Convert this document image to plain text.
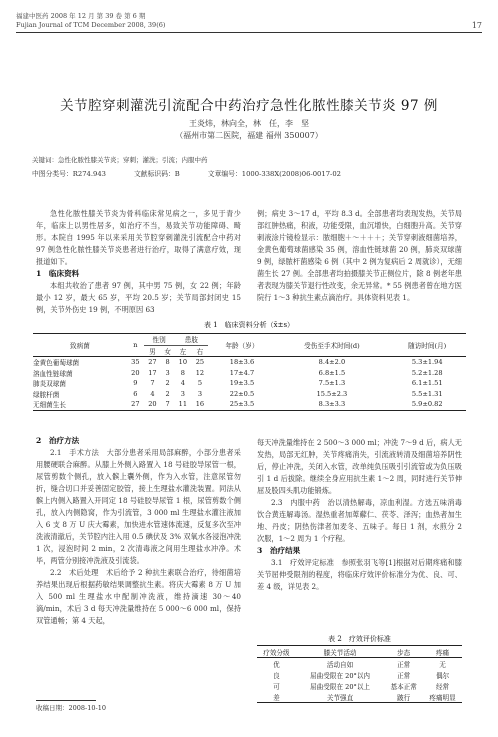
福建中医药 2008 年 12 月 第 39 卷 第 6 期
Fujian Journal of TCM December 2008, 39(6)	17
关节腔穿刺灌洗引流配合中药治疗急性化脓性膝关节炎 97 例
王炎炜，林向全，林　任，李　坚
（福州市第二医院，福建 福州 350007）
关键词：急性化脓性膝关节炎；穿刺；灌洗；引流；内服中药
中图分类号：R274.943	文献标识码：B	文章编号：1000-338X(2008)06-0017-02

急性化脓性膝关节炎为骨科临床常见病之一，多见于青少年，临床上以男性居多，如治疗不当，易致关节功能障碍、畸形。本院自 1995 年以来采用关节腔穿刺灌洗引流配合中药对 97 例急性化脓性膝关节炎患者进行治疗，取得了满意疗效，现报道如下。

1　临床资料

本组共收治了患者 97 例，其中男 75 例，女 22 例；年龄最小 12 岁，最大 65 岁，平均 20.5 岁；关节局部封闭史 15 例，关节外伤史 19 例，不明原因 63

例；病史 3～17 d，平均 8.3 d。全部患者均表现发热，关节局部红肿热痛，积液，功能受限，血沉增快，白细胞升高。关节穿刺液涂片镜检显示：脓细胞＋～＋＋＋；关节穿刺液细菌培养，金黄色葡萄球菌感染 35 例，溶血性链球菌 20 例，肺炎双球菌 9 例，绿脓杆菌感染 6 例（其中 2 例为复病后 2 周就诊），无细菌生长 27 例。全部患者均拍摄膝关节正侧位片，除 8 例老年患者表现为膝关节退行性改变，余无异常。* 55 例患者曾在地方医院行 1～3 种抗生素点滴治疗。具体资料见表 1。

表 1　临床资料分析（x̄±s）
致病菌	n	性别		患肢		年龄（岁）	受伤至手术时间(d)	随访时间(月)
		男	女	左	右			
金黄色葡萄球菌	35	27	8	10	25	18±3.6	8.4±2.0	5.3±1.94
溶血性链球菌	20	17	3	8	12	17±4.7	6.8±1.5	5.2±1.28
肺炎双球菌	9	7	2	4	5	19±3.5	7.5±1.3	6.1±1.51
绿脓杆菌	6	4	2	3	3	22±0.5	15.5±2.3	5.5±1.31
无细菌生长	27	20	7	11	16	25±3.5	8.3±3.3	5.9±0.82
2　治疗方法

2.1　手术方法　大部分患者采用局部麻醉，小部分患者采用腰硬联合麻醉。从膝上外侧入路置入 18 号硅胶导尿管一根，尿管剪数个侧孔，放入髌上囊外侧，作为入水管，注意尿管勿折，缝合切口并妥善固定胶管，接上生理盐水灌洗装置。同法从髌上内侧入路置入开同定 18 号硅胶导尿管 1 根，尿管剪数个侧孔，放入内侧隐窝，作为引流管，3 000 ml 生理盐水灌注液加入 6 支 8 万 U 庆大霉素，加快进水管速体流速，反复多次至冲洗液清澈后，关节腔内注入用 0.5 碘伏及 3% 双氧水各浸泡冲洗 1 次，浸泡时间 2 min，2 次清毒液之间用生理盐水冲净。术毕，两管分别接冲洗液及引流袋。

2.2　术后处理　术后给予 2 种抗生素联合治疗，待细菌培养结果出现后根据药敏结果调整抗生素。将庆大霉素 8 万 U 加入 500 ml 生理盐水中配制冲洗液，维持滴速 30～40 滴/min，术后 3 d 每天冲洗量维持在 5 000～6 000 ml，保持双管通畅；第 4 天起，

每天冲洗量维持在 2 500～3 000 ml；冲洗 7～9 d 后，病人无发热，局部无红肿，关节疼痛消失，引流液转清及细菌培养阴性后，停止冲洗，关闭入水管，改单纯负压吸引引流管或为负压吸引 1 d 后拔除。继续全身应用抗生素 1～2 周，同时进行关节伸屈及股四头肌功能锻炼。

2.3　内服中药　治以清热解毒，凉血利湿。方选五味消毒饮合黄连解毒汤。湿热重者加萆薢仁、茯苓、泽泻；血热者加生地、丹皮；阴热伤津者加麦冬、五味子。每日 1 剂，水煎分 2 次服，1～2 周为 1 个疗程。

3　治疗结果

3.1　疗效评定标准　参照张羽飞等[1]根据对后期疼痛和膝关节屈伸受限剂的程度，将临床疗效评价标准分为优、良、可、差 4 级，详见表 2。

表 2　疗效评价标准
疗效分级	膝关节活动	步态	疼痛
优	活动自如	正常	无
良	屈曲受限在 20°以内	正常	偶尔
可	屈曲受限在 20°以上	基本正常	经常
差	关节强直	跛行	疼痛明显
收稿日期：2008-10-10
